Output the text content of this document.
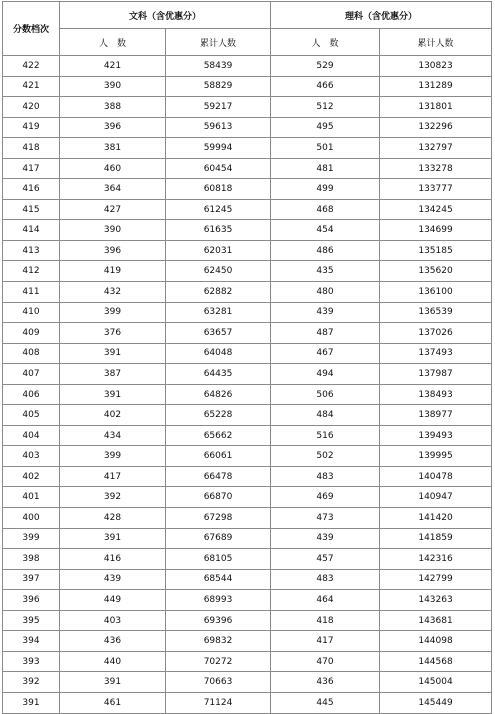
分数档次	文科（含优惠分）		理科（含优惠分）	
	人　数	累计人数	人　数	累计人数
422	421	58439	529	130823
421	390	58829	466	131289
420	388	59217	512	131801
419	396	59613	495	132296
418	381	59994	501	132797
417	460	60454	481	133278
416	364	60818	499	133777
415	427	61245	468	134245
414	390	61635	454	134699
413	396	62031	486	135185
412	419	62450	435	135620
411	432	62882	480	136100
410	399	63281	439	136539
409	376	63657	487	137026
408	391	64048	467	137493
407	387	64435	494	137987
406	391	64826	506	138493
405	402	65228	484	138977
404	434	65662	516	139493
403	399	66061	502	139995
402	417	66478	483	140478
401	392	66870	469	140947
400	428	67298	473	141420
399	391	67689	439	141859
398	416	68105	457	142316
397	439	68544	483	142799
396	449	68993	464	143263
395	403	69396	418	143681
394	436	69832	417	144098
393	440	70272	470	144568
392	391	70663	436	145004
391	461	71124	445	145449
